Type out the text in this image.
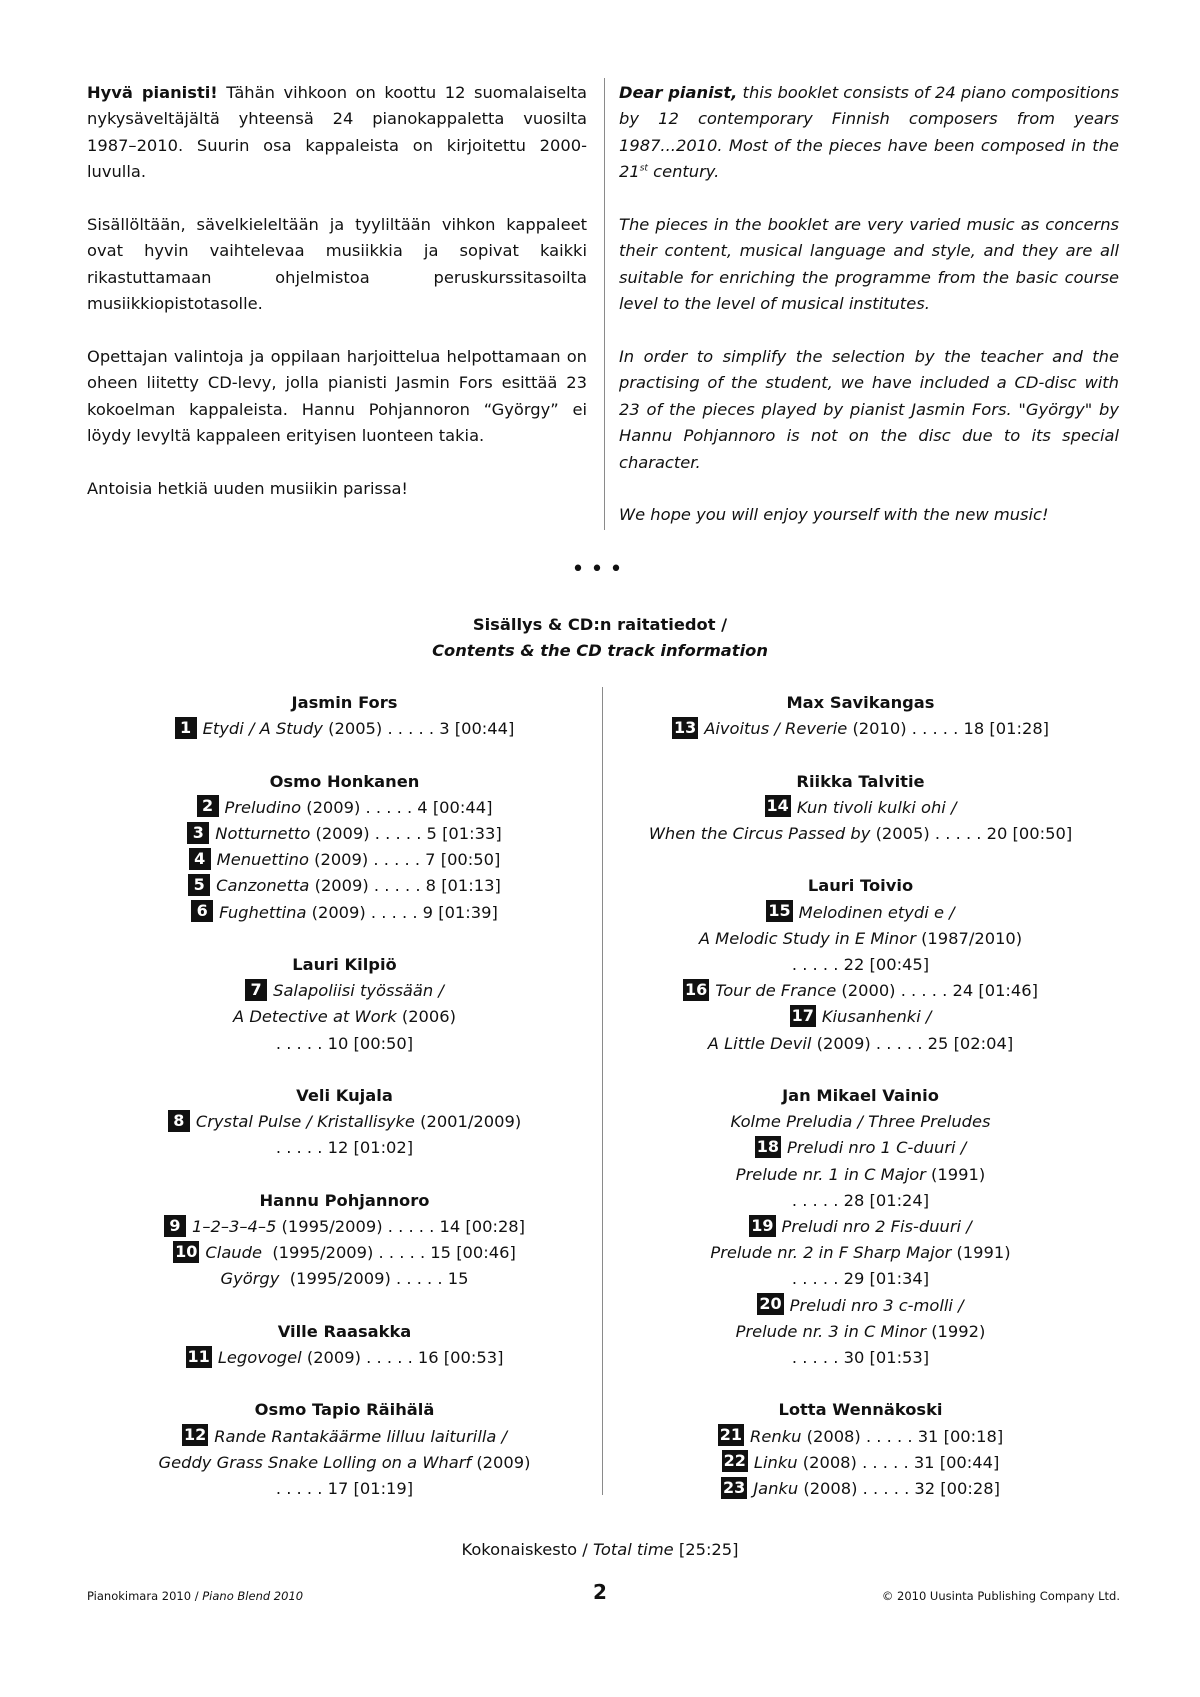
Hyvä pianisti! Tähän vihkoon on koottu 12 suomalaiselta nykysäveltäjältä yhteensä 24 pianokappaletta vuosilta 1987–2010. Suurin osa kappaleista on kirjoitettu 2000-luvulla.

Sisällöltään, sävelkieleltään ja tyyliltään vihkon kappaleet ovat hyvin vaihtelevaa musiikkia ja sopivat kaikki rikastuttamaan ohjelmistoa peruskurssitasoilta musiikkiopistotasolle.

Opettajan valintoja ja oppilaan harjoittelua helpottamaan on oheen liitetty CD-levy, jolla pianisti Jasmin Fors esittää 23 kokoelman kappaleista. Hannu Pohjannoron “György” ei löydy levyltä kappaleen erityisen luonteen takia.

Antoisia hetkiä uuden musiikin parissa!

Dear pianist, this booklet consists of 24 piano compositions by 12 contemporary Finnish composers from years 1987...2010. Most of the pieces have been composed in the 21st century.

The pieces in the booklet are very varied music as concerns their content, musical language and style, and they are all suitable for enriching the programme from the basic course level to the level of musical institutes.

In order to simplify the selection by the teacher and the practising of the student, we have included a CD-disc with 23 of the pieces played by pianist Jasmin Fors. "György" by Hannu Pohjannoro is not on the disc due to its special character.

We hope you will enjoy yourself with the new music!

•••
Sisällys & CD:n raitatiedot /
Contents & the CD track information
Jasmin Fors
1 Etydi / A Study (2005) . . . . . 3 [00:44]
Osmo Honkanen
2 Preludino (2009) . . . . . 4 [00:44]
3 Notturnetto (2009) . . . . . 5 [01:33]
4 Menuettino (2009) . . . . . 7 [00:50]
5 Canzonetta (2009) . . . . . 8 [01:13]
6 Fughettina (2009) . . . . . 9 [01:39]
Lauri Kilpiö
7 Salapoliisi työssään /
A Detective at Work (2006)
. . . . . 10 [00:50]
Veli Kujala
8 Crystal Pulse / Kristallisyke (2001/2009)
. . . . . 12 [01:02]
Hannu Pohjannoro
9 1–2–3–4–5 (1995/2009) . . . . . 14 [00:28]
10 Claude  (1995/2009) . . . . . 15 [00:46]
György  (1995/2009) . . . . . 15
Ville Raasakka
11 Legovogel (2009) . . . . . 16 [00:53]
Osmo Tapio Räihälä
12 Rande Rantakäärme lilluu laiturilla /
Geddy Grass Snake Lolling on a Wharf (2009)
. . . . . 17 [01:19]
Max Savikangas
13 Aivoitus / Reverie (2010) . . . . . 18 [01:28]
Riikka Talvitie
14 Kun tivoli kulki ohi /
When the Circus Passed by (2005) . . . . . 20 [00:50]
Lauri Toivio
15 Melodinen etydi e /
A Melodic Study in E Minor (1987/2010)
. . . . . 22 [00:45]
16 Tour de France (2000) . . . . . 24 [01:46]
17 Kiusanhenki /
A Little Devil (2009) . . . . . 25 [02:04]
Jan Mikael Vainio
Kolme Preludia / Three Preludes
18 Preludi nro 1 C-duuri /
Prelude nr. 1 in C Major (1991)
. . . . . 28 [01:24]
19 Preludi nro 2 Fis-duuri /
Prelude nr. 2 in F Sharp Major (1991)
. . . . . 29 [01:34]
20 Preludi nro 3 c-molli /
Prelude nr. 3 in C Minor (1992)
. . . . . 30 [01:53]
Lotta Wennäkoski
21 Renku (2008) . . . . . 31 [00:18]
22 Linku (2008) . . . . . 31 [00:44]
23 Janku (2008) . . . . . 32 [00:28]
Kokonaiskesto / Total time [25:25]
Pianokimara 2010 / Piano Blend 2010	2	© 2010 Uusinta Publishing Company Ltd.
